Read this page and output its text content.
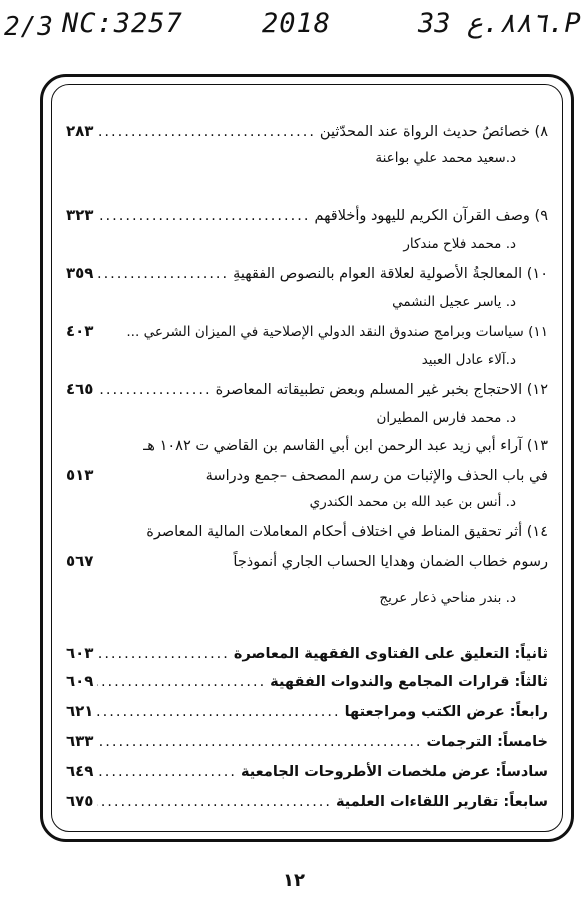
2/3 NC:3257	2018	٨٨٦.ع 33.P
٨) خصائصُ حديث الرواة عند المحدّثين
.....
٢٨٣
د.سعيد محمد علي بواعنة
٩) وصف القرآن الكريم لليهود وأخلاقهم
.....
٣٢٣
د. محمد فلاح مندكار
١٠) المعالجةُ الأصولية لعلاقة العوام بالنصوص الفقهيةِ
.....
٣٥٩
د. ياسر عجيل النشمي
١١) سياسات وبرامج صندوق النقد الدولي الإصلاحية في الميزان الشرعي ...
٤٠٣
د.آلاء عادل العبيد
١٢) الاحتجاج بخبر غير المسلم وبعض تطبيقاته المعاصرة
.....
٤٦٥
د. محمد فارس المطيران
١٣) آراء أبي زيد عبد الرحمن ابن أبي القاسم بن القاضي ت ١٠٨٢ هـ
في باب الحذف والإثبات من رسم المصحف –جمع ودراسة
٥١٣
د. أنس بن عبد الله بن محمد الكندري
١٤) أثر تحقيق المناط في اختلاف أحكام المعاملات المالية المعاصرة
رسوم خطاب الضمان وهدايا الحساب الجاري أنموذجاً
٥٦٧
د. بندر مناحي ذعار عريج
ثانياً: التعليق على الفتاوى الفقهية المعاصرة
.....
٦٠٣
ثالثاً: قرارات المجامع والندوات الفقهية
.....
٦٠٩
رابعاً: عرض الكتب ومراجعتها
.....
٦٢١
خامساً: الترجمات
.....
٦٣٣
سادساً: عرض ملخصات الأطروحات الجامعية
.....
٦٤٩
سابعاً: تقارير اللقاءات العلمية
.....
٦٧٥
١٢
